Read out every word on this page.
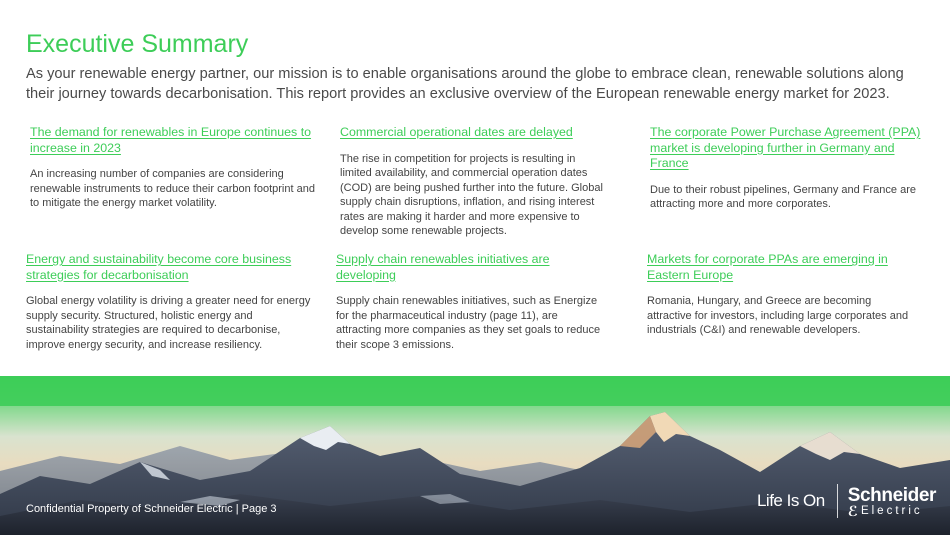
Executive Summary

As your renewable energy partner, our mission is to enable organisations around the globe to embrace clean, renewable solutions along their journey towards decarbonisation. This report provides an exclusive overview of the European renewable energy market for 2023.

The demand for renewables in Europe continues to increase in 2023

An increasing number of companies are considering renewable instruments to reduce their carbon footprint and to mitigate the energy market volatility.

Commercial operational dates are delayed

The rise in competition for projects is resulting in limited availability, and commercial operation dates (COD) are being pushed further into the future. Global supply chain disruptions, inflation, and rising interest rates are making it harder and more expensive to develop some renewable projects.

The corporate Power Purchase Agreement (PPA) market is developing further in Germany and France

Due to their robust pipelines, Germany and France are attracting more and more corporates.

Energy and sustainability become core business strategies for decarbonisation

Global energy volatility is driving a greater need for energy supply security. Structured, holistic energy and sustainability strategies are required to decarbonise, improve energy security, and increase resiliency.

Supply chain renewables initiatives are developing

Supply chain renewables initiatives, such as Energize for the pharmaceutical industry (page 11), are attracting more companies as they set goals to reduce their scope 3 emissions.

Markets for corporate PPAs are emerging in Eastern Europe

Romania, Hungary, and Greece are becoming attractive for investors, including large corporates and industrials (C&I) and renewable developers.

Confidential Property of Schneider Electric | Page 3	Life Is On Schneider
ℰ Electric
